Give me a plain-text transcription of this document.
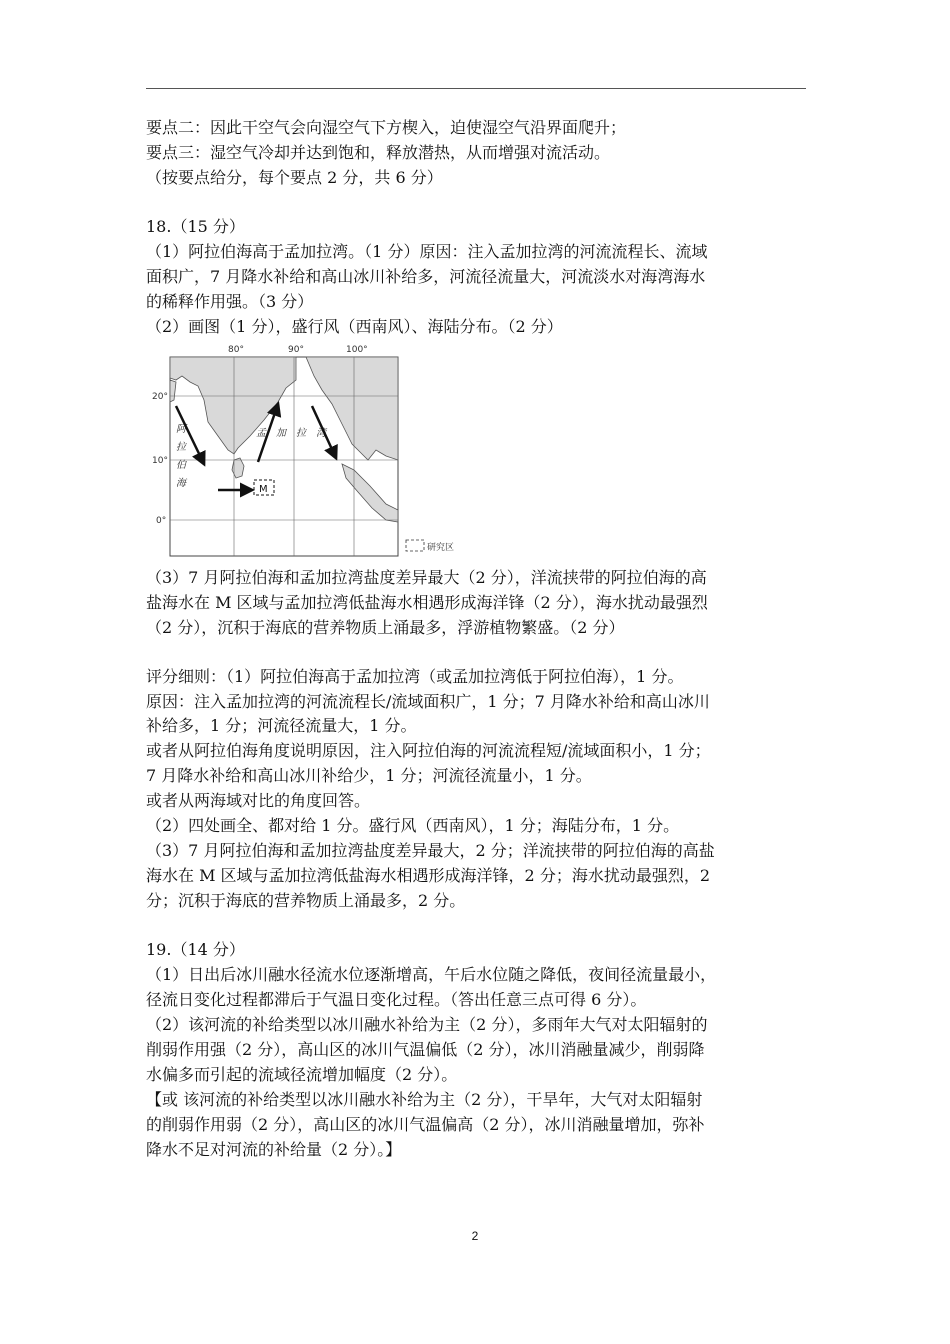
要点二：因此干空气会向湿空气下方楔入，迫使湿空气沿界面爬升；
要点三：湿空气冷却并达到饱和，释放潜热，从而增强对流活动。
（按要点给分，每个要点 2 分，共 6 分）
18.（15 分）
（1）阿拉伯海高于孟加拉湾。（1 分）原因：注入孟加拉湾的河流流程长、流域
面积广，7 月降水补给和高山冰川补给多，河流径流量大，河流淡水对海湾海水
的稀释作用强。（3 分）
（2）画图（1 分），盛行风（西南风）、海陆分布。（2 分）
80°	90°	100°
20°
10°
0°
阿
拉
伯
海
孟 加 拉 湾
M
研究区
（3）7 月阿拉伯海和孟加拉湾盐度差异最大（2 分），洋流挟带的阿拉伯海的高
盐海水在 M 区域与孟加拉湾低盐海水相遇形成海洋锋（2 分），海水扰动最强烈
（2 分），沉积于海底的营养物质上涌最多，浮游植物繁盛。（2 分）
评分细则：（1）阿拉伯海高于孟加拉湾（或孟加拉湾低于阿拉伯海），1 分。
原因：注入孟加拉湾的河流流程长/流域面积广，1 分；7 月降水补给和高山冰川
补给多，1 分；河流径流量大，1 分。
或者从阿拉伯海角度说明原因，注入阿拉伯海的河流流程短/流域面积小，1 分；
7 月降水补给和高山冰川补给少，1 分；河流径流量小，1 分。
或者从两海域对比的角度回答。
（2）四处画全、都对给 1 分。盛行风（西南风），1 分；海陆分布，1 分。
（3）7 月阿拉伯海和孟加拉湾盐度差异最大，2 分；洋流挟带的阿拉伯海的高盐
海水在 M 区域与孟加拉湾低盐海水相遇形成海洋锋，2 分；海水扰动最强烈，2
分；沉积于海底的营养物质上涌最多，2 分。
19.（14 分）
（1）日出后冰川融水径流水位逐渐增高，午后水位随之降低，夜间径流量最小，
径流日变化过程都滞后于气温日变化过程。（答出任意三点可得 6 分）。
（2）该河流的补给类型以冰川融水补给为主（2 分），多雨年大气对太阳辐射的
削弱作用强（2 分），高山区的冰川气温偏低（2 分），冰川消融量减少，削弱降
水偏多而引起的流域径流增加幅度（2 分）。
【或 该河流的补给类型以冰川融水补给为主（2 分），干旱年，大气对太阳辐射
的削弱作用弱（2 分），高山区的冰川气温偏高（2 分），冰川消融量增加，弥补
降水不足对河流的补给量（2 分）。】
2
